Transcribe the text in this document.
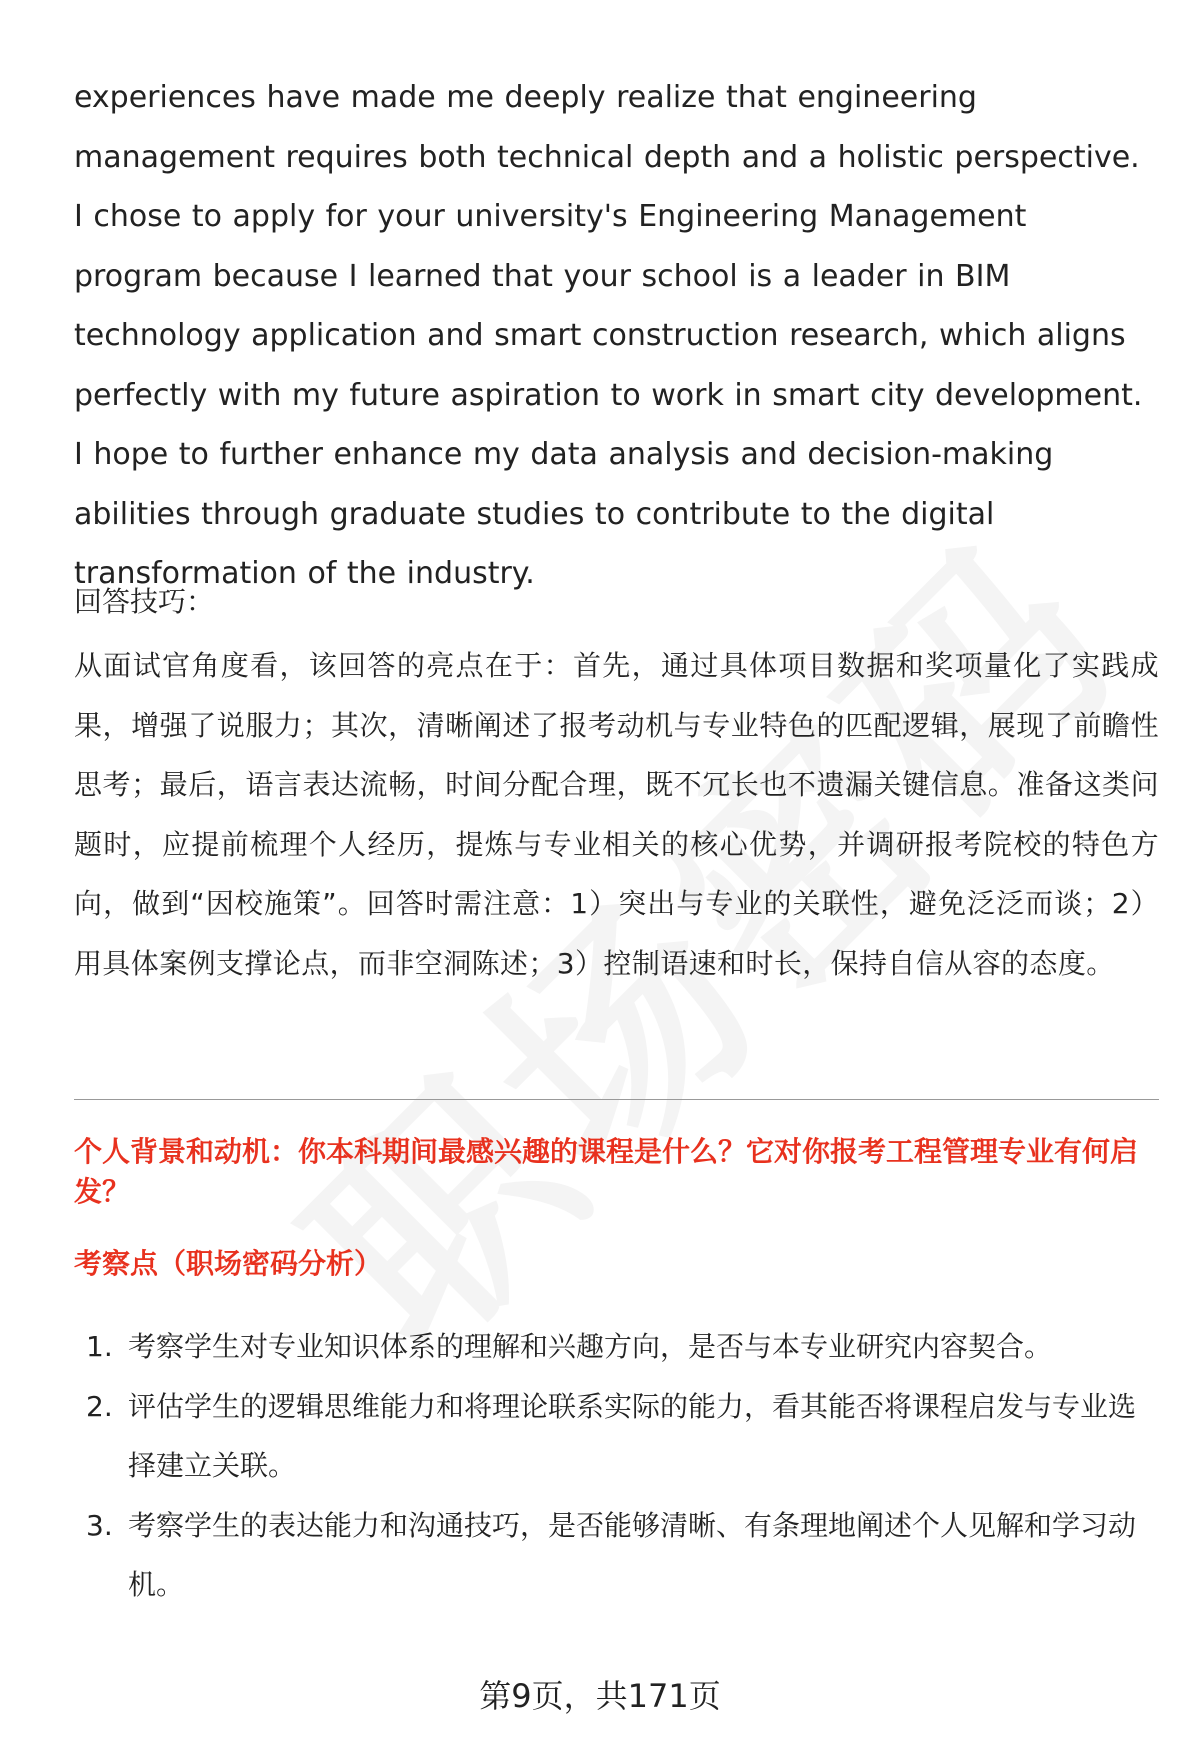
experiences have made me deeply realize that engineering management requires both technical depth and a holistic perspective. I chose to apply for your university's Engineering Management program because I learned that your school is a leader in BIM technology application and smart construction research, which aligns perfectly with my future aspiration to work in smart city development. I hope to further enhance my data analysis and decision-making abilities through graduate studies to contribute to the digital transformation of the industry.

回答技巧：

从面试官角度看，该回答的亮点在于：首先，通过具体项目数据和奖项量化了实践成果，增强了说服力；其次，清晰阐述了报考动机与专业特色的匹配逻辑，展现了前瞻性思考；最后，语言表达流畅，时间分配合理，既不冗长也不遗漏关键信息。准备这类问题时，应提前梳理个人经历，提炼与专业相关的核心优势，并调研报考院校的特色方向，做到“因校施策”。回答时需注意：1）突出与专业的关联性，避免泛泛而谈；2）用具体案例支撑论点，而非空洞陈述；3）控制语速和时长，保持自信从容的态度。

个人背景和动机：你本科期间最感兴趣的课程是什么？它对你报考工程管理专业有何启发？

考察点（职场密码分析）

1. 考察学生对专业知识体系的理解和兴趣方向，是否与本专业研究内容契合。
2. 评估学生的逻辑思维能力和将理论联系实际的能力，看其能否将课程启发与专业选择建立关联。
3. 考察学生的表达能力和沟通技巧，是否能够清晰、有条理地阐述个人见解和学习动机。
第9页，共171页
